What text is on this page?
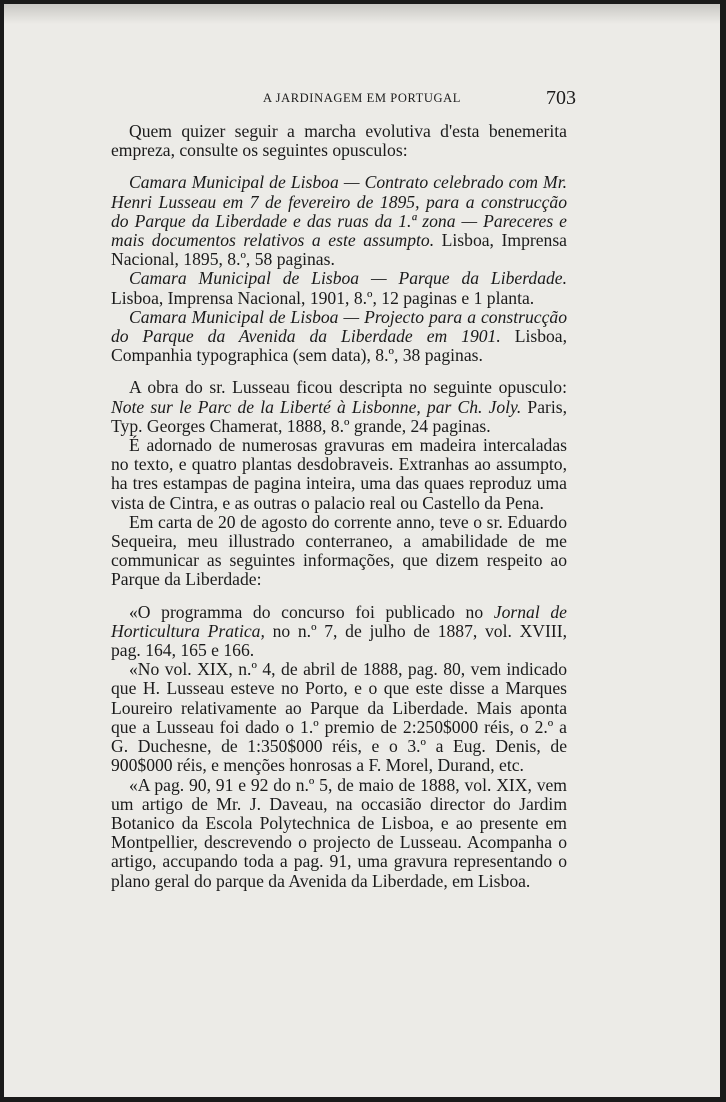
A JARDINAGEM EM PORTUGAL	703

Quem quizer seguir a marcha evolutiva d'esta benemerita empreza, consulte os seguintes opusculos:

Camara Municipal de Lisboa — Contrato celebrado com Mr. Henri Lusseau em 7 de fevereiro de 1895, para a construcção do Parque da Liberdade e das ruas da 1.ª zona — Pareceres e mais documentos relativos a este assumpto. Lisboa, Imprensa Nacional, 1895, 8.º, 58 paginas.

Camara Municipal de Lisboa — Parque da Liberdade. Lisboa, Imprensa Nacional, 1901, 8.º, 12 paginas e 1 planta.

Camara Municipal de Lisboa — Projecto para a construcção do Parque da Avenida da Liberdade em 1901. Lisboa, Companhia typographica (sem data), 8.º, 38 paginas.

A obra do sr. Lusseau ficou descripta no seguinte opusculo: Note sur le Parc de la Liberté à Lisbonne, par Ch. Joly. Paris, Typ. Georges Chamerat, 1888, 8.º grande, 24 paginas.

É adornado de numerosas gravuras em madeira intercaladas no texto, e quatro plantas desdobraveis. Extranhas ao assumpto, ha tres estampas de pagina inteira, uma das quaes reproduz uma vista de Cintra, e as outras o palacio real ou Castello da Pena.

Em carta de 20 de agosto do corrente anno, teve o sr. Eduardo Sequeira, meu illustrado conterraneo, a amabilidade de me communicar as seguintes informações, que dizem respeito ao Parque da Liberdade:

«O programma do concurso foi publicado no Jornal de Horticultura Pratica, no n.º 7, de julho de 1887, vol. XVIII, pag. 164, 165 e 166.

«No vol. XIX, n.º 4, de abril de 1888, pag. 80, vem indicado que H. Lusseau esteve no Porto, e o que este disse a Marques Loureiro relativamente ao Parque da Liberdade. Mais aponta que a Lusseau foi dado o 1.º premio de 2:250$000 réis, o 2.º a G. Duchesne, de 1:350$000 réis, e o 3.º a Eug. Denis, de 900$000 réis, e menções honrosas a F. Morel, Durand, etc.

«A pag. 90, 91 e 92 do n.º 5, de maio de 1888, vol. XIX, vem um artigo de Mr. J. Daveau, na occasião director do Jardim Botanico da Escola Polytechnica de Lisboa, e ao presente em Montpellier, descrevendo o projecto de Lusseau. Acompanha o artigo, accupando toda a pag. 91, uma gravura representando o plano geral do parque da Avenida da Liberdade, em Lisboa.
